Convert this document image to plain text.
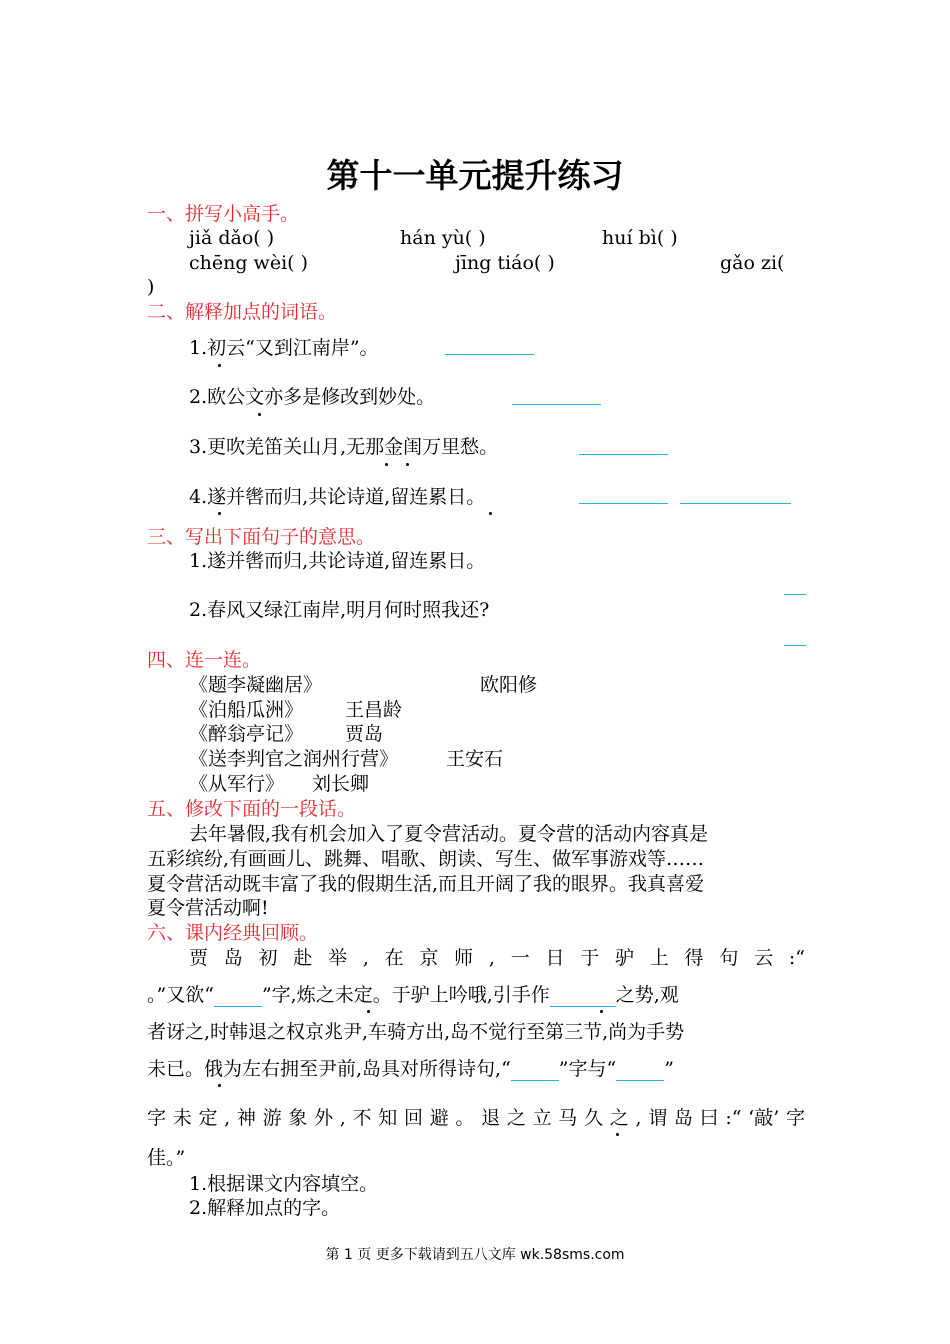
第十一单元提升练习
一、拼写小高手。
jiǎ dǎo( )	hán yù( )	huí bì( )
chēng wèi( )	jīng tiáo( )	gǎo zi(
)
二、解释加点的词语。
1.初云“又到江南岸”。
2.欧公文亦多是修改到妙处。
3.更吹羌笛关山月,无那金闺万里愁。
4.遂并辔而归,共论诗道,留连累日。
三、写出下面句子的意思。
1.遂并辔而归,共论诗道,留连累日。
2.春风又绿江南岸,明月何时照我还?
四、连一连。
《题李凝幽居》	欧阳修
《泊船瓜洲》 王昌龄
《醉翁亭记》 贾岛
《送李判官之润州行营》	王安石
《从军行》 刘长卿
五、修改下面的一段话。
去年暑假,我有机会加入了夏令营活动。夏令营的活动内容真是
五彩缤纷,有画画儿、跳舞、唱歌、朗读、写生、做军事游戏等……
夏令营活动既丰富了我的假期生活,而且开阔了我的眼界。我真喜爱
夏令营活动啊!
六、课内经典回顾。
贾 岛 初 赴 举 , 在 京 师 , 一 日 于 驴 上 得 句 云 :“
。”又欲“	”字,炼之未定。于驴上吟哦,引手作	之势,观
者讶之,时韩退之权京兆尹,车骑方出,岛不觉行至第三节,尚为手势
未已。俄为左右拥至尹前,岛具对所得诗句,“	”字与“	”
字 未 定 , 神 游 象 外 , 不 知 回 避 。 退 之 立 马 久 之 , 谓 岛 曰 :“ ‘敲’ 字
佳。”
1.根据课文内容填空。
2.解释加点的字。
第 1 页 更多下载请到五八文库 wk.58sms.com
